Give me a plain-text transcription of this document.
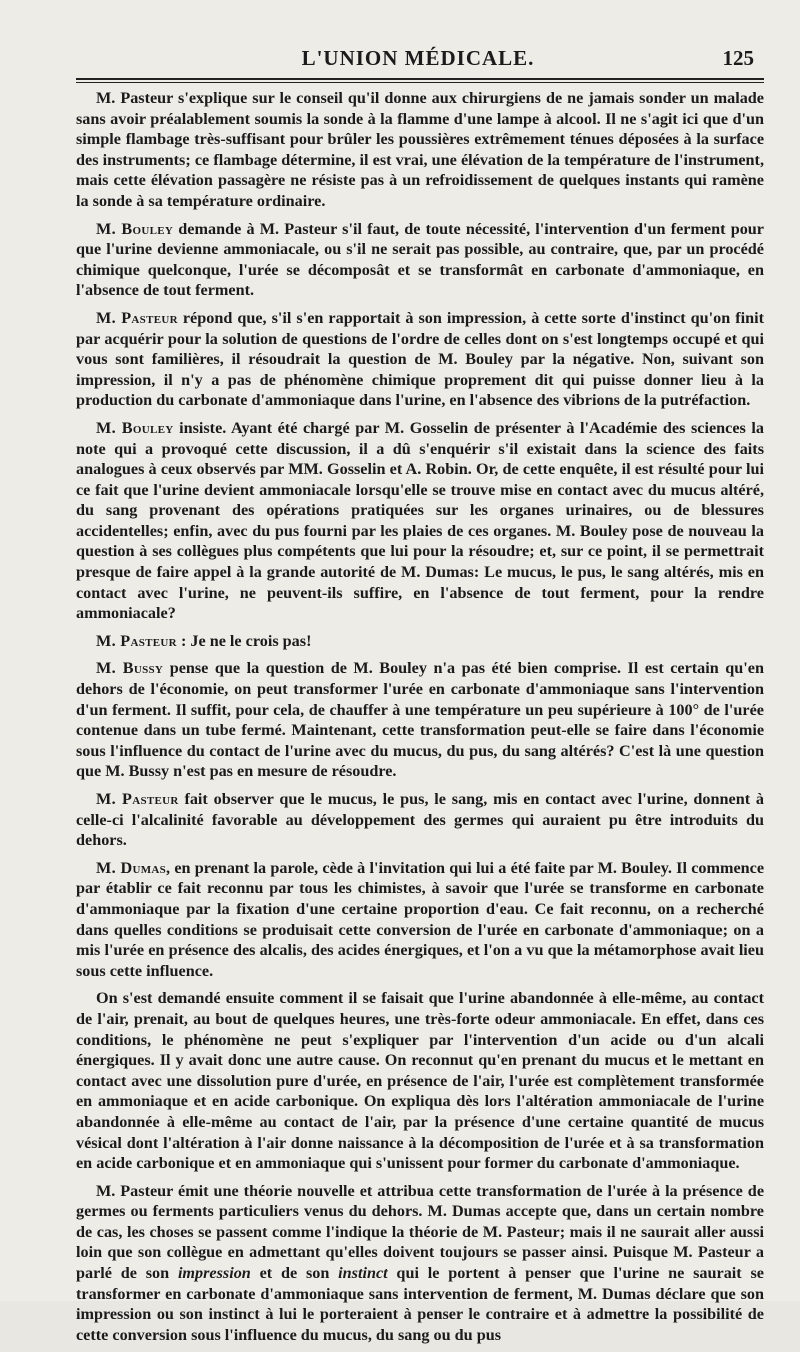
L'UNION MÉDICALE.	125

M. Pasteur s'explique sur le conseil qu'il donne aux chirurgiens de ne jamais sonder un malade sans avoir préalablement soumis la sonde à la flamme d'une lampe à alcool. Il ne s'agit ici que d'un simple flambage très-suffisant pour brûler les poussières extrêmement ténues déposées à la surface des instruments; ce flambage détermine, il est vrai, une élévation de la température de l'instrument, mais cette élévation passagère ne résiste pas à un refroidissement de quelques instants qui ramène la sonde à sa température ordinaire.

M. Bouley demande à M. Pasteur s'il faut, de toute nécessité, l'intervention d'un ferment pour que l'urine devienne ammoniacale, ou s'il ne serait pas possible, au contraire, que, par un procédé chimique quelconque, l'urée se décomposât et se transformât en carbonate d'ammoniaque, en l'absence de tout ferment.

M. Pasteur répond que, s'il s'en rapportait à son impression, à cette sorte d'instinct qu'on finit par acquérir pour la solution de questions de l'ordre de celles dont on s'est longtemps occupé et qui vous sont familières, il résoudrait la question de M. Bouley par la négative. Non, suivant son impression, il n'y a pas de phénomène chimique proprement dit qui puisse donner lieu à la production du carbonate d'ammoniaque dans l'urine, en l'absence des vibrions de la putréfaction.

M. Bouley insiste. Ayant été chargé par M. Gosselin de présenter à l'Académie des sciences la note qui a provoqué cette discussion, il a dû s'enquérir s'il existait dans la science des faits analogues à ceux observés par MM. Gosselin et A. Robin. Or, de cette enquête, il est résulté pour lui ce fait que l'urine devient ammoniacale lorsqu'elle se trouve mise en contact avec du mucus altéré, du sang provenant des opérations pratiquées sur les organes urinaires, ou de blessures accidentelles; enfin, avec du pus fourni par les plaies de ces organes. M. Bouley pose de nouveau la question à ses collègues plus compétents que lui pour la résoudre; et, sur ce point, il se permettrait presque de faire appel à la grande autorité de M. Dumas: Le mucus, le pus, le sang altérés, mis en contact avec l'urine, ne peuvent-ils suffire, en l'absence de tout ferment, pour la rendre ammoniacale?

M. Pasteur : Je ne le crois pas!

M. Bussy pense que la question de M. Bouley n'a pas été bien comprise. Il est certain qu'en dehors de l'économie, on peut transformer l'urée en carbonate d'ammoniaque sans l'intervention d'un ferment. Il suffit, pour cela, de chauffer à une température un peu supérieure à 100° de l'urée contenue dans un tube fermé. Maintenant, cette transformation peut-elle se faire dans l'économie sous l'influence du contact de l'urine avec du mucus, du pus, du sang altérés? C'est là une question que M. Bussy n'est pas en mesure de résoudre.

M. Pasteur fait observer que le mucus, le pus, le sang, mis en contact avec l'urine, donnent à celle-ci l'alcalinité favorable au développement des germes qui auraient pu être introduits du dehors.

M. Dumas, en prenant la parole, cède à l'invitation qui lui a été faite par M. Bouley. Il commence par établir ce fait reconnu par tous les chimistes, à savoir que l'urée se transforme en carbonate d'ammoniaque par la fixation d'une certaine proportion d'eau. Ce fait reconnu, on a recherché dans quelles conditions se produisait cette conversion de l'urée en carbonate d'ammoniaque; on a mis l'urée en présence des alcalis, des acides énergiques, et l'on a vu que la métamorphose avait lieu sous cette influence.

On s'est demandé ensuite comment il se faisait que l'urine abandonnée à elle-même, au contact de l'air, prenait, au bout de quelques heures, une très-forte odeur ammoniacale. En effet, dans ces conditions, le phénomène ne peut s'expliquer par l'intervention d'un acide ou d'un alcali énergiques. Il y avait donc une autre cause. On reconnut qu'en prenant du mucus et le mettant en contact avec une dissolution pure d'urée, en présence de l'air, l'urée est complètement transformée en ammoniaque et en acide carbonique. On expliqua dès lors l'altération ammoniacale de l'urine abandonnée à elle-même au contact de l'air, par la présence d'une certaine quantité de mucus vésical dont l'altération à l'air donne naissance à la décomposition de l'urée et à sa transformation en acide carbonique et en ammoniaque qui s'unissent pour former du carbonate d'ammoniaque.

M. Pasteur émit une théorie nouvelle et attribua cette transformation de l'urée à la présence de germes ou ferments particuliers venus du dehors. M. Dumas accepte que, dans un certain nombre de cas, les choses se passent comme l'indique la théorie de M. Pasteur; mais il ne saurait aller aussi loin que son collègue en admettant qu'elles doivent toujours se passer ainsi. Puisque M. Pasteur a parlé de son impression et de son instinct qui le portent à penser que l'urine ne saurait se transformer en carbonate d'ammoniaque sans intervention de ferment, M. Dumas déclare que son impression ou son instinct à lui le porteraient à penser le contraire et à admettre la possibilité de cette conversion sous l'influence du mucus, du sang ou du pus
